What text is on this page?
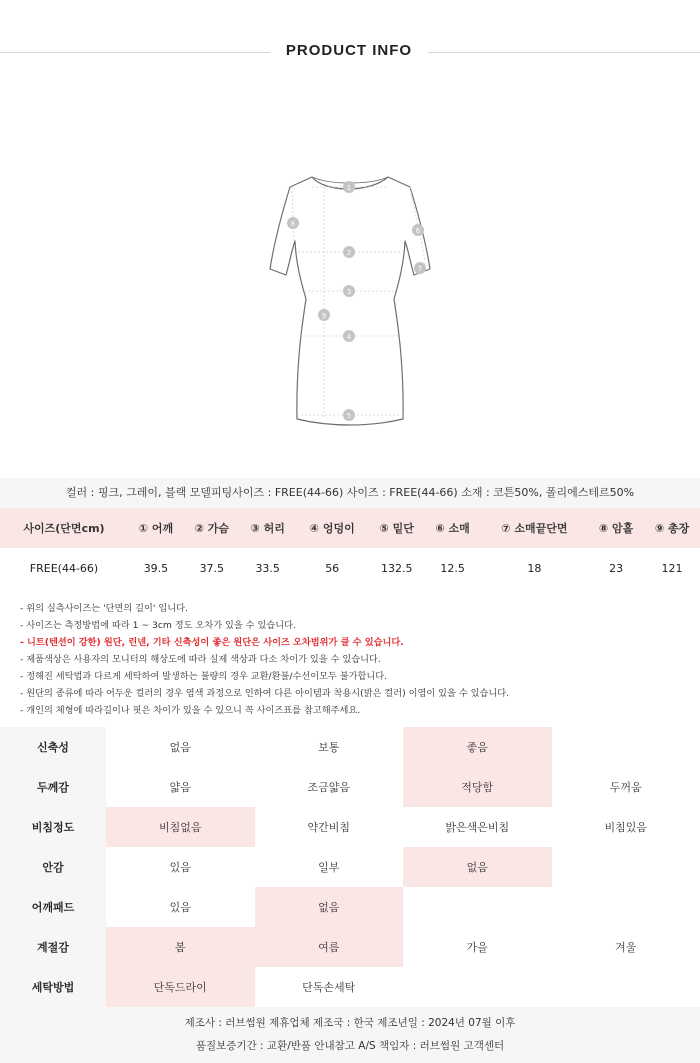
PRODUCT INFO
1
2
3
4
5
6
7
8
9
컬러 : 핑크, 그레이, 블랙 모델피팅사이즈 : FREE(44-66) 사이즈 : FREE(44-66) 소재 : 코튼50%, 폴리에스테르50%
사이즈(단면cm)	① 어깨	② 가슴	③ 허리	④ 엉덩이	⑤ 밑단	⑥ 소매	⑦ 소매끝단면	⑧ 암홀	⑨ 총장
FREE(44-66)	39.5	37.5	33.5	56	132.5	12.5	18	23	121
- 위의 실측사이즈는 '단면의 길이' 입니다.
- 사이즈는 측정방법에 따라 1 ~ 3cm 정도 오차가 있을 수 있습니다.
- 니트(텐션이 강한) 원단, 린넨, 기타 신축성이 좋은 원단은 사이즈 오차범위가 클 수 있습니다.
- 제품색상은 사용자의 모니터의 해상도에 따라 실제 색상과 다소 차이가 있을 수 있습니다.
- 정해진 세탁법과 다르게 세탁하여 발생하는 불량의 경우 교환/환불/수선이모두 불가합니다.
- 원단의 종류에 따라 어두운 컬러의 경우 염색 과정으로 인하여 다른 아이템과 착용시(밝은 컬러) 이염이 있을 수 있습니다.
- 개인의 체형에 따라길이나 핏은 차이가 있을 수 있으니 꼭 사이즈표를 참고해주세요.
신축성	없음	보통	좋음
두께감	얇음	조금얇음	적당함	두꺼움
비침정도	비침없음	약간비침	밝은색은비침	비침있음
안감	있음	일부	없음
어깨패드	있음	없음
계절감	봄	여름	가을	겨울
세탁방법	단독드라이	단독손세탁
제조사 : 러브썸원 제휴업체 제조국 : 한국 제조년일 : 2024년 07월 이후
품질보증기간 : 교환/반품 안내참고 A/S 책임자 : 러브썸원 고객센터
